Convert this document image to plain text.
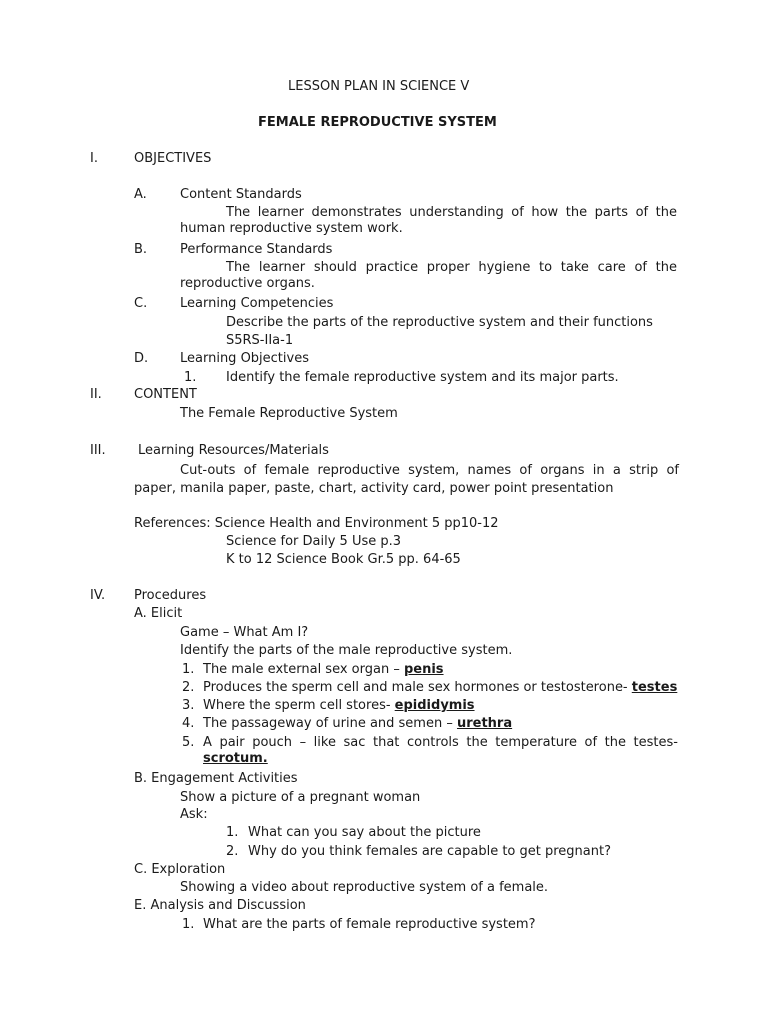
LESSON PLAN IN SCIENCE V
FEMALE REPRODUCTIVE SYSTEM
I.	OBJECTIVES
A.	Content Standards
The learner demonstrates understanding of how the parts of the human reproductive system work.
B.	Performance Standards
The learner should practice proper hygiene to take care of the reproductive organs.
C.	Learning Competencies
Describe the parts of the reproductive system and their functions
S5RS-IIa-1
D. Learning Objectives
1. Identify the female reproductive system and its major parts.
II. CONTENT
The Female Reproductive System
III. Learning Resources/Materials
Cut-outs of female reproductive system, names of organs in a strip of paper, manila paper, paste, chart, activity card, power point presentation
References: Science Health and Environment 5 pp10-12
Science for Daily 5 Use p.3
K to 12 Science Book Gr.5 pp. 64-65
IV. Procedures
A. Elicit
Game – What Am I?
Identify the parts of the male reproductive system.
1. The male external sex organ – penis
2. Produces the sperm cell and male sex hormones or testosterone- testes
3. Where the sperm cell stores- epididymis
4. The passageway of urine and semen – urethra
5. A pair pouch – like sac that controls the temperature of the testes- scrotum.
B. Engagement Activities
Show a picture of a pregnant woman
Ask:
1. What can you say about the picture
2. Why do you think females are capable to get pregnant?
C. Exploration
Showing a video about reproductive system of a female.
E. Analysis and Discussion
1. What are the parts of female reproductive system?
